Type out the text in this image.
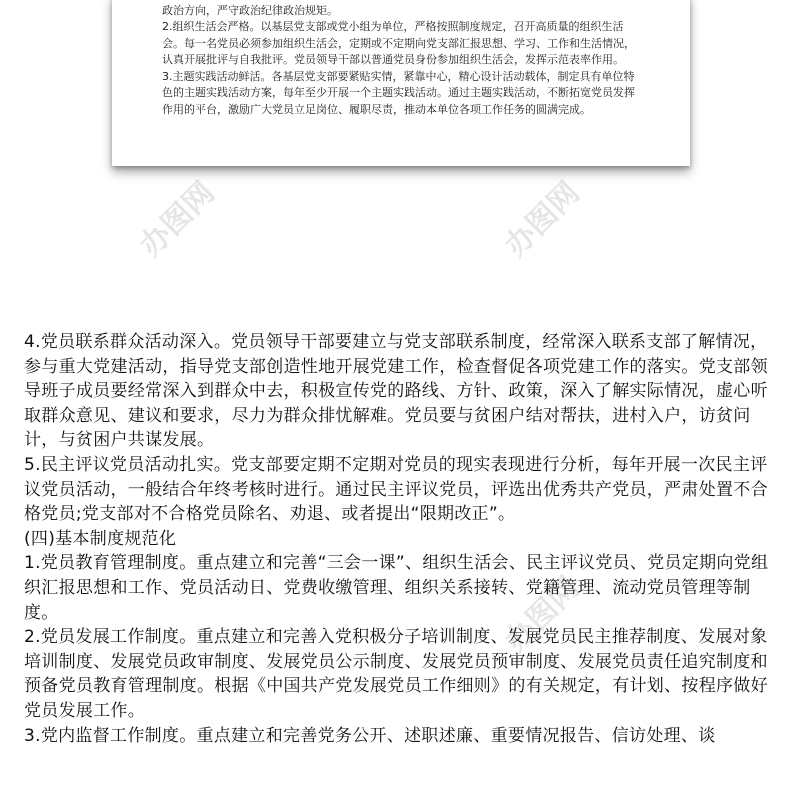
政治方向，严守政治纪律政治规矩。

2.组织生活会严格。以基层党支部或党小组为单位，严格按照制度规定，召开高质量的组织生活会。每一名党员必须参加组织生活会，定期或不定期向党支部汇报思想、学习、工作和生活情况，认真开展批评与自我批评。党员领导干部以普通党员身份参加组织生活会，发挥示范表率作用。

3.主题实践活动鲜活。各基层党支部要紧贴实情，紧靠中心，精心设计活动载体，制定具有单位特色的主题实践活动方案，每年至少开展一个主题实践活动。通过主题实践活动，不断拓宽党员发挥作用的平台，激励广大党员立足岗位、履职尽责，推动本单位各项工作任务的圆满完成。

办图网	办图网
办图网

4.党员联系群众活动深入。党员领导干部要建立与党支部联系制度，经常深入联系支部了解情况，参与重大党建活动，指导党支部创造性地开展党建工作，检查督促各项党建工作的落实。党支部领导班子成员要经常深入到群众中去，积极宣传党的路线、方针、政策，深入了解实际情况，虚心听取群众意见、建议和要求，尽力为群众排忧解难。党员要与贫困户结对帮扶，进村入户，访贫问计，与贫困户共谋发展。

5.民主评议党员活动扎实。党支部要定期不定期对党员的现实表现进行分析，每年开展一次民主评议党员活动，一般结合年终考核时进行。通过民主评议党员，评选出优秀共产党员，严肃处置不合格党员;党支部对不合格党员除名、劝退、或者提出“限期改正”。

(四)基本制度规范化

1.党员教育管理制度。重点建立和完善“三会一课”、组织生活会、民主评议党员、党员定期向党组织汇报思想和工作、党员活动日、党费收缴管理、组织关系接转、党籍管理、流动党员管理等制度。

2.党员发展工作制度。重点建立和完善入党积极分子培训制度、发展党员民主推荐制度、发展对象培训制度、发展党员政审制度、发展党员公示制度、发展党员预审制度、发展党员责任追究制度和预备党员教育管理制度。根据《中国共产党发展党员工作细则》的有关规定，有计划、按程序做好党员发展工作。

3.党内监督工作制度。重点建立和完善党务公开、述职述廉、重要情况报告、信访处理、谈
